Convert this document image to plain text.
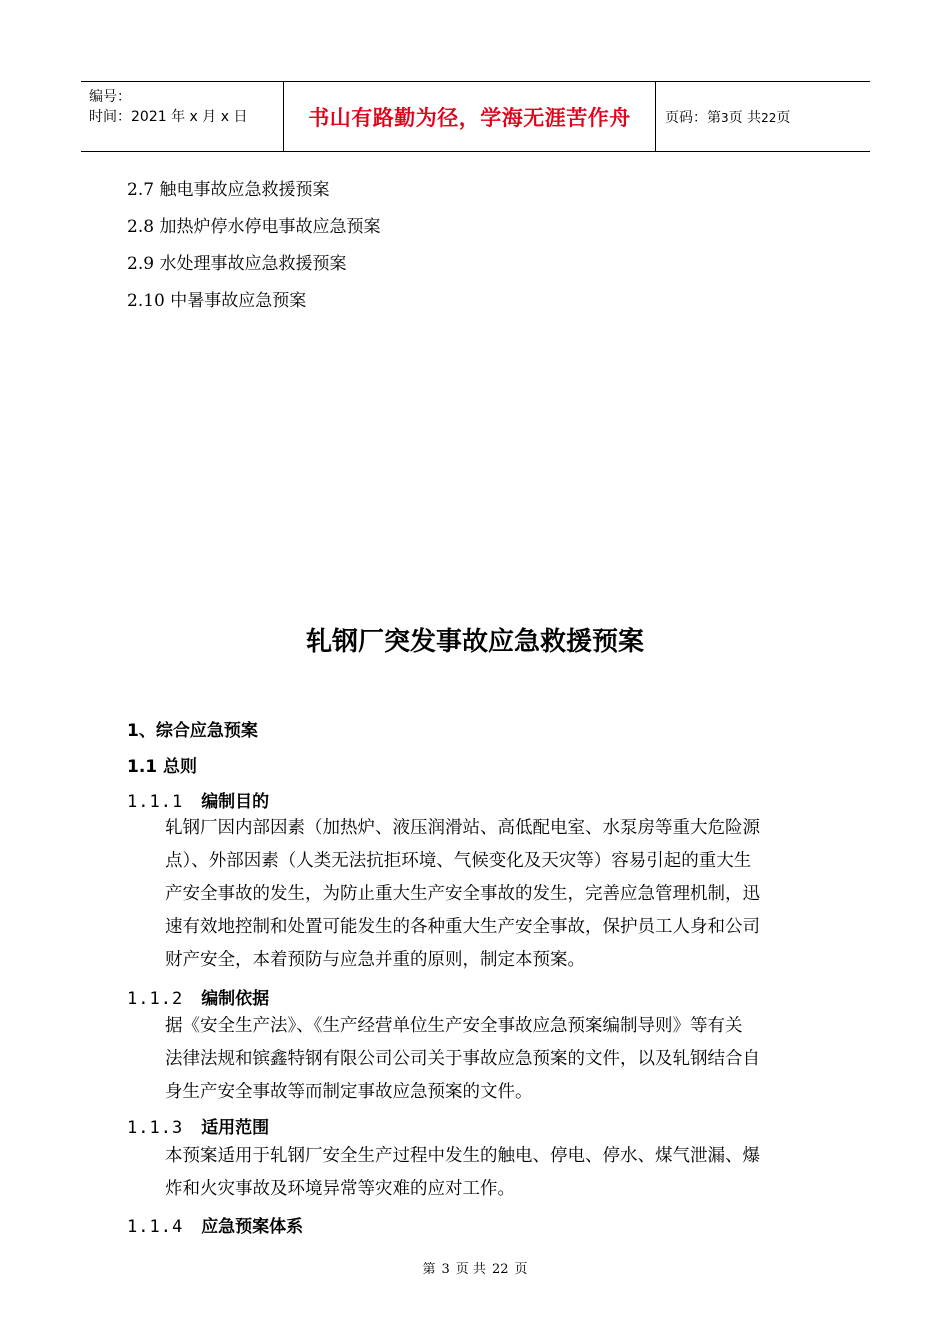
编号：
时间：2021 年 x 月 x 日	书山有路勤为径，学海无涯苦作舟 页码：第3页 共22页
2.7 触电事故应急救援预案
2.8 加热炉停水停电事故应急预案
2.9 水处理事故应急救援预案
2.10 中暑事故应急预案
轧钢厂突发事故应急救援预案
1、综合应急预案
1.1 总则
1.1.1 编制目的
轧钢厂因内部因素（加热炉、液压润滑站、高低配电室、水泵房等重大危险源
点）、外部因素（人类无法抗拒环境、气候变化及天灾等）容易引起的重大生
产安全事故的发生，为防止重大生产安全事故的发生，完善应急管理机制，迅
速有效地控制和处置可能发生的各种重大生产安全事故，保护员工人身和公司
财产安全，本着预防与应急并重的原则，制定本预案。
1.1.2 编制依据
据《安全生产法》、《生产经营单位生产安全事故应急预案编制导则》等有关
法律法规和镔鑫特钢有限公司公司关于事故应急预案的文件，以及轧钢结合自
身生产安全事故等而制定事故应急预案的文件。
1.1.3 适用范围
本预案适用于轧钢厂安全生产过程中发生的触电、停电、停水、煤气泄漏、爆
炸和火灾事故及环境异常等灾难的应对工作。
1.1.4 应急预案体系
第 3 页 共 22 页
